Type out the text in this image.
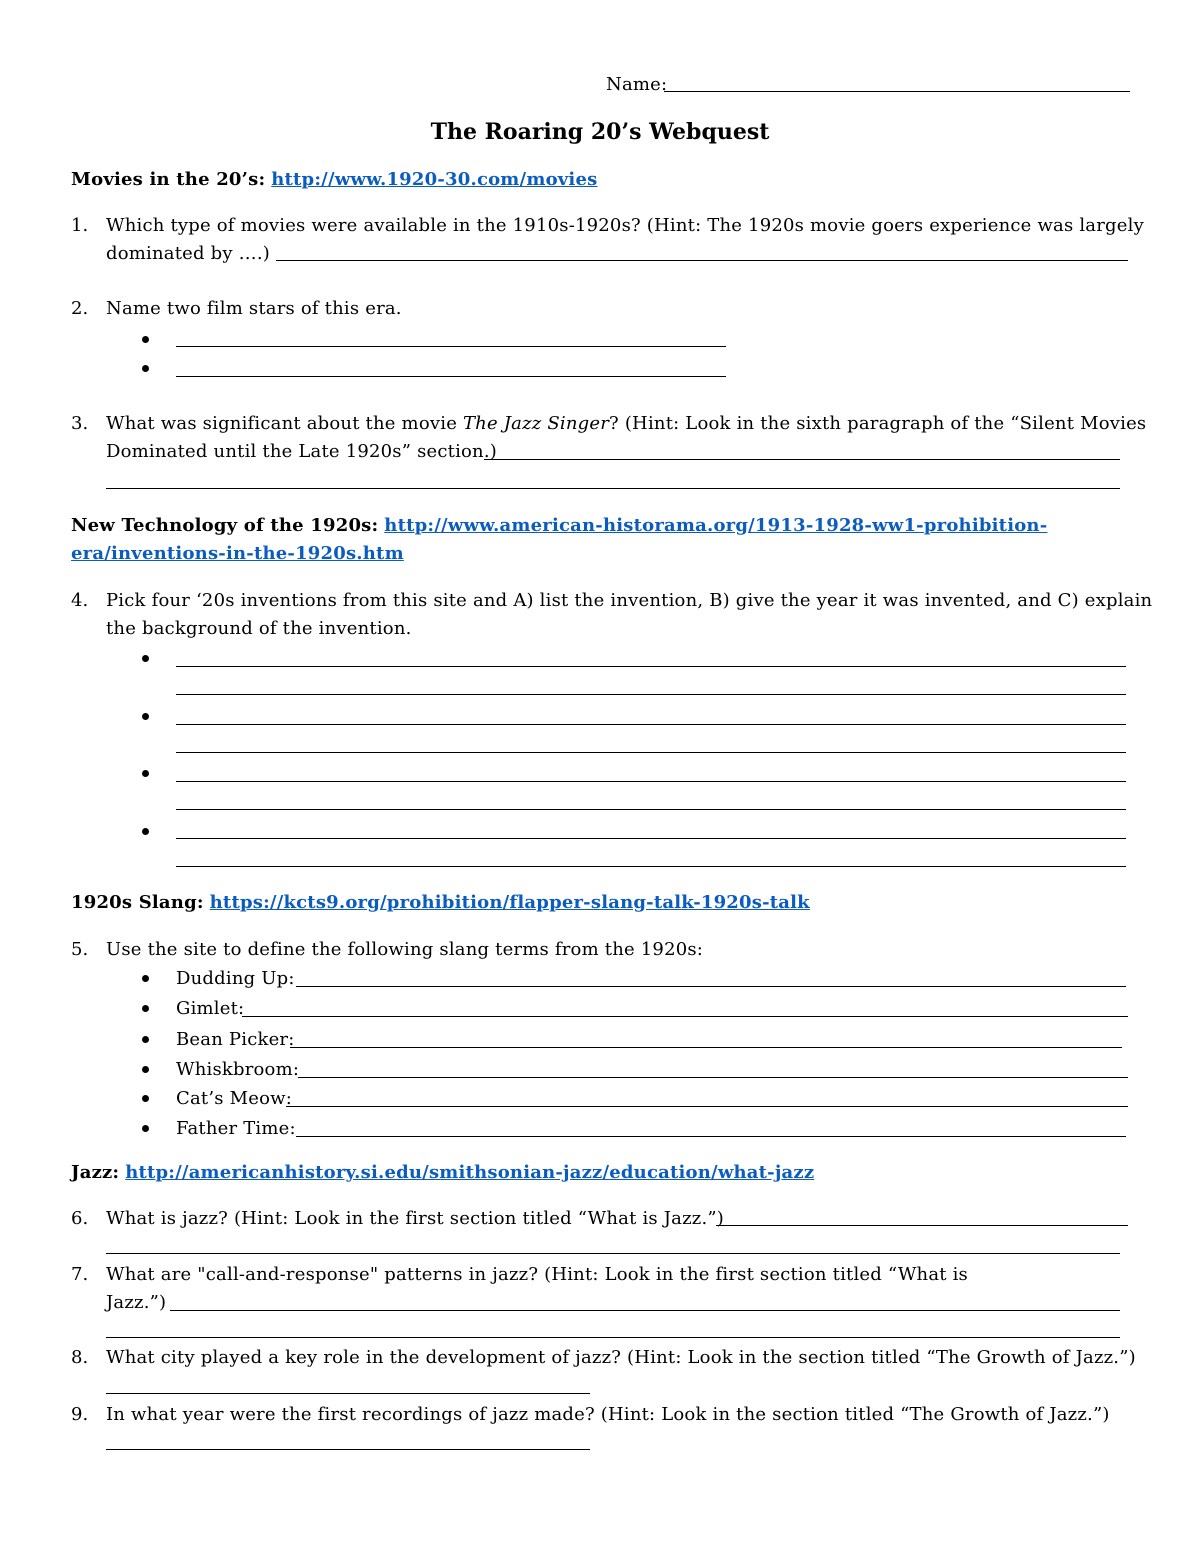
Name:
The Roaring 20’s Webquest
Movies in the 20’s: http://www.1920-30.com/movies
1. Which type of movies were available in the 1910s-1920s? (Hint: The 1920s movie goers experience was largely
dominated by ….)
2. Name two film stars of this era.
3. What was significant about the movie The Jazz Singer? (Hint: Look in the sixth paragraph of the “Silent Movies
Dominated until the Late 1920s” section.)
New Technology of the 1920s: http://www.american-historama.org/1913-1928-ww1-prohibition-
era/inventions-in-the-1920s.htm
4. Pick four ‘20s inventions from this site and A) list the invention, B) give the year it was invented, and C) explain
the background of the invention.
1920s Slang: https://kcts9.org/prohibition/flapper-slang-talk-1920s-talk
5. Use the site to define the following slang terms from the 1920s:
Dudding Up:
Gimlet:
Bean Picker:
Whiskbroom:
Cat’s Meow:
Father Time:
Jazz: http://americanhistory.si.edu/smithsonian-jazz/education/what-jazz
6. What is jazz? (Hint: Look in the first section titled “What is Jazz.”)
7. What are "call-and-response" patterns in jazz? (Hint: Look in the first section titled “What is
Jazz.”)
8. What city played a key role in the development of jazz? (Hint: Look in the section titled “The Growth of Jazz.”)
9. In what year were the first recordings of jazz made? (Hint: Look in the section titled “The Growth of Jazz.”)
